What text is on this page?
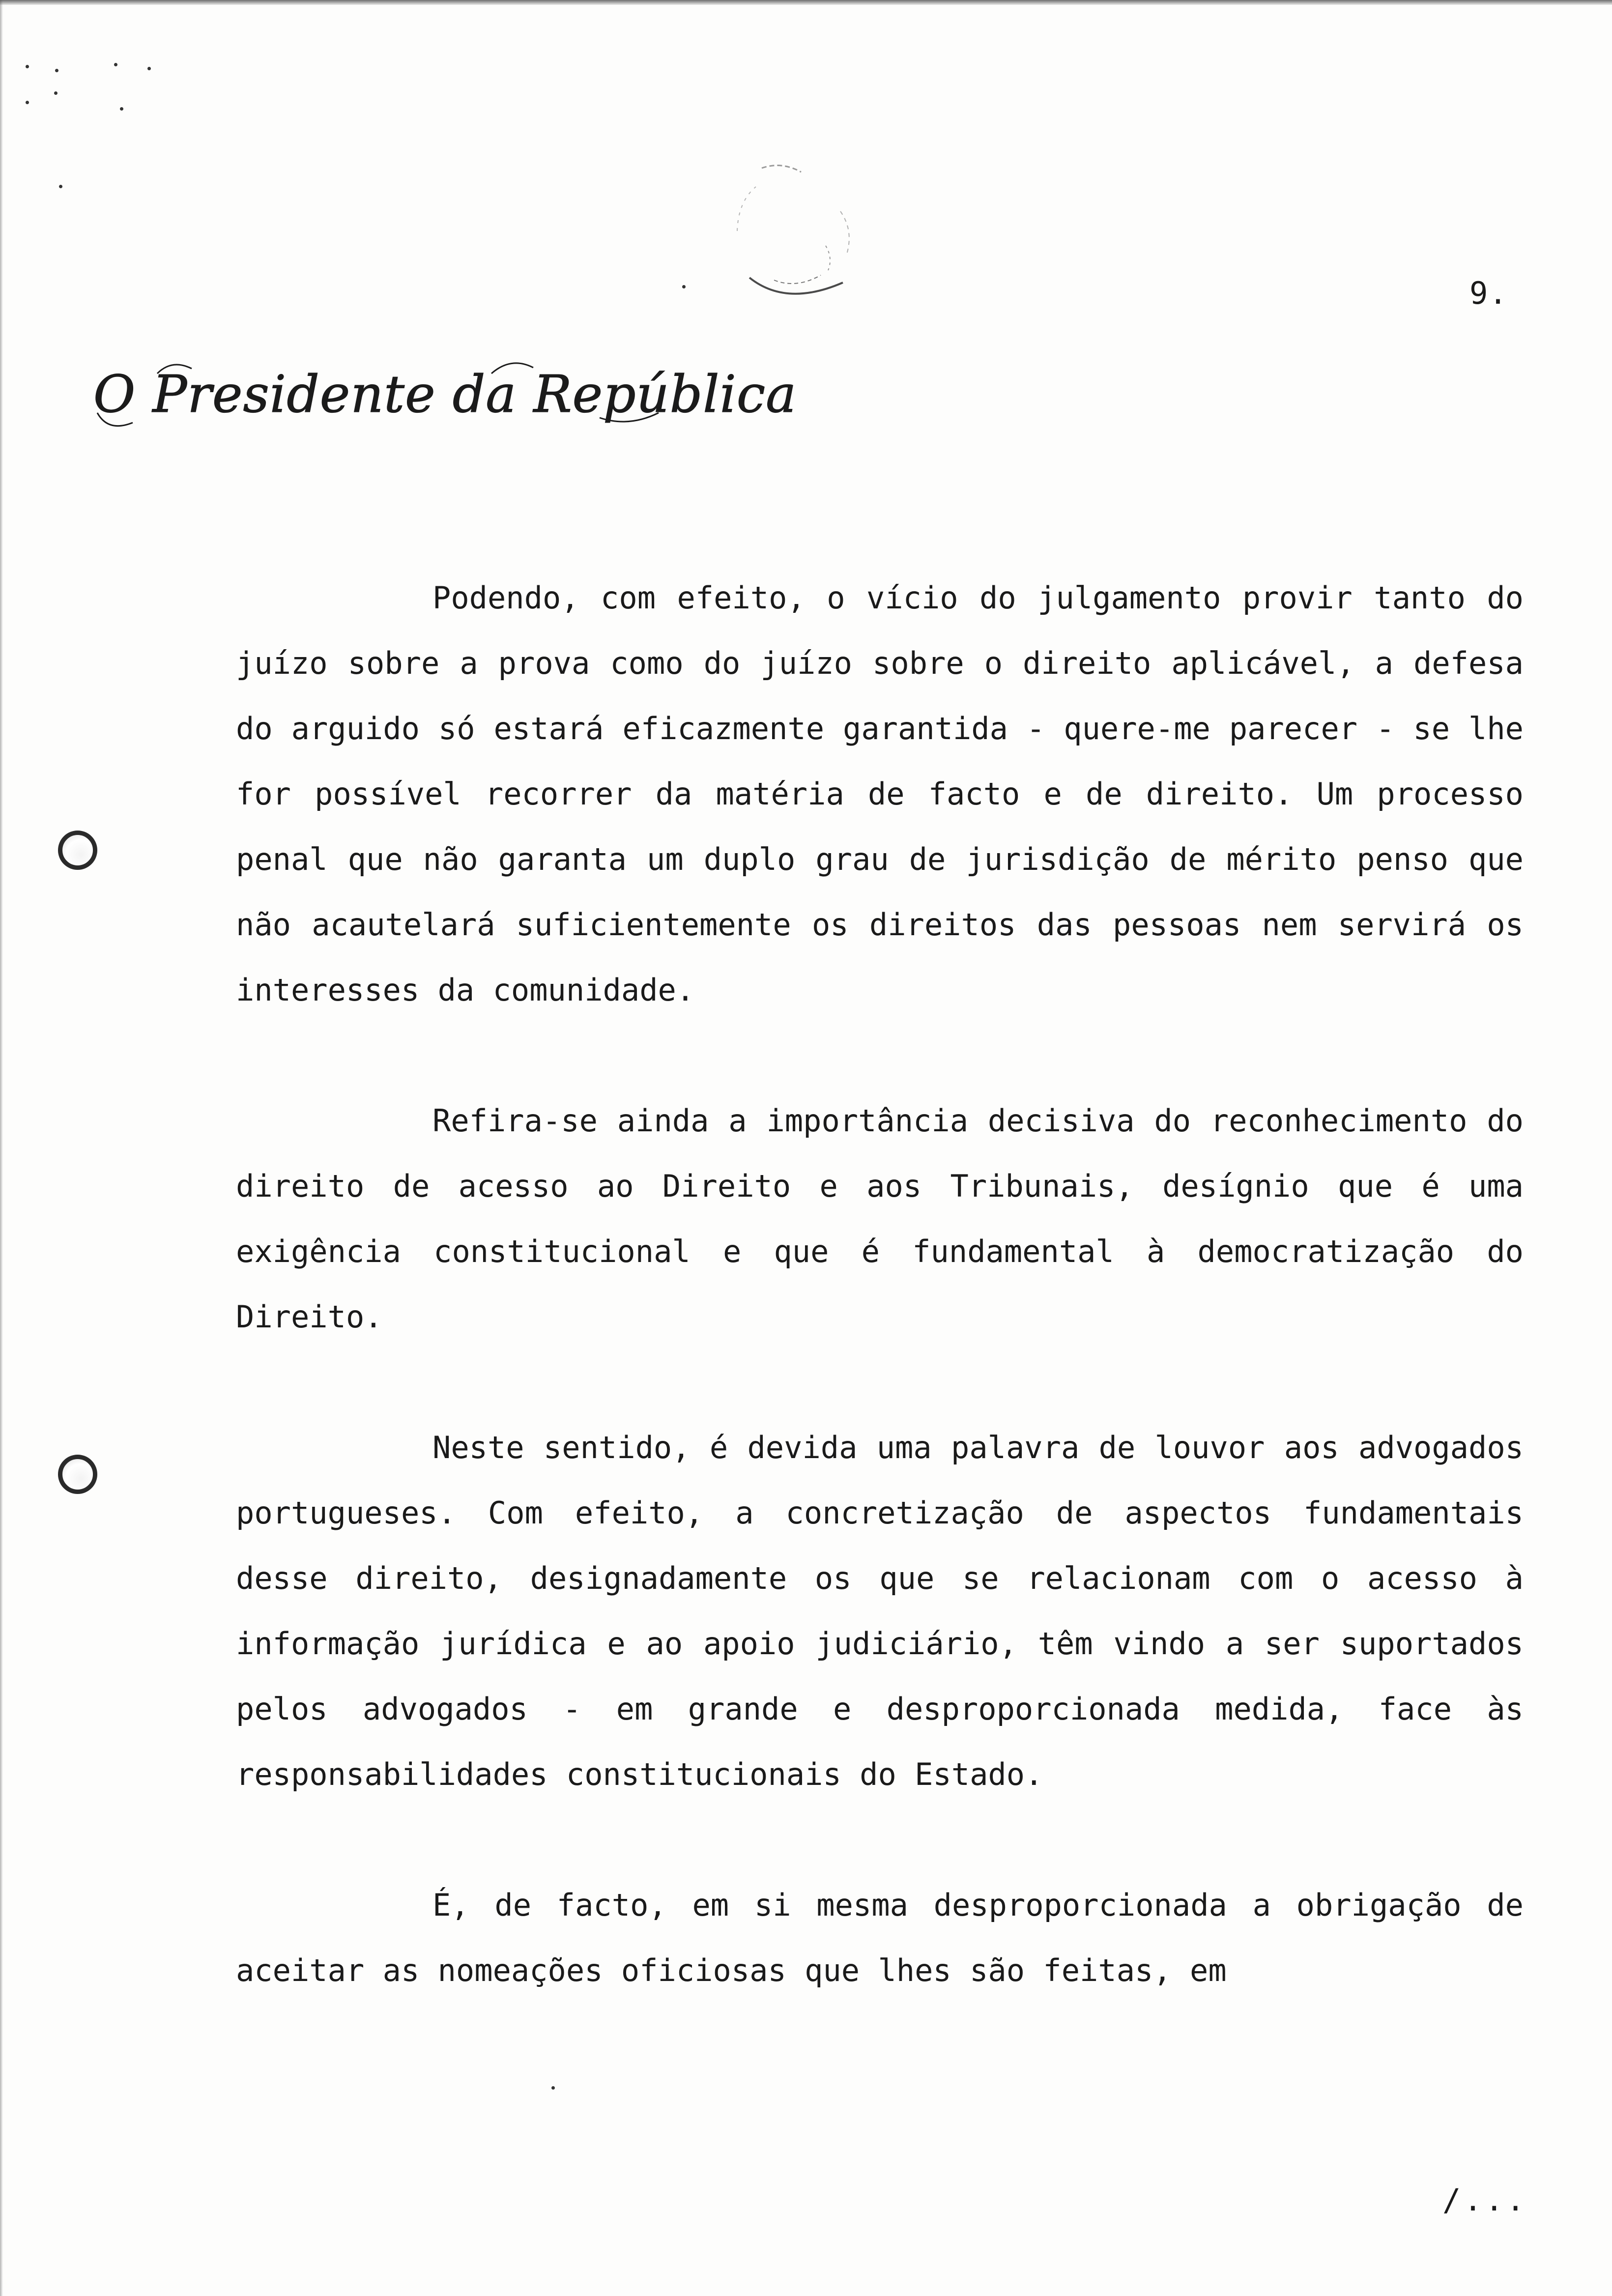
9.
O Presidente da República

Podendo, com efeito, o vício do julgamento provir tanto do juízo sobre a prova como do juízo sobre o direito aplicável, a defesa do arguido só estará eficazmente garantida - quere-me parecer - se lhe for possível recorrer da matéria de facto e de direito. Um processo penal que não garanta um duplo grau de jurisdição de mérito penso que não acautelará suficientemente os direitos das pessoas nem servirá os interesses da comunidade.

Refira-se ainda a importância decisiva do reconhecimento do direito de acesso ao Direito e aos Tribunais, desígnio que é uma exigência constitucional e que é fundamental à democratização do Direito.

Neste sentido, é devida uma palavra de louvor aos advogados portugueses. Com efeito, a concretização de aspectos fundamentais desse direito, designadamente os que se relacionam com o acesso à informação jurídica e ao apoio judiciário, têm vindo a ser suportados pelos advogados - em grande e desproporcionada medida, face às responsabilidades constitucionais do Estado.

É, de facto, em si mesma desproporcionada a obrigação de aceitar as nomeações oficiosas que lhes são feitas, em

/...
